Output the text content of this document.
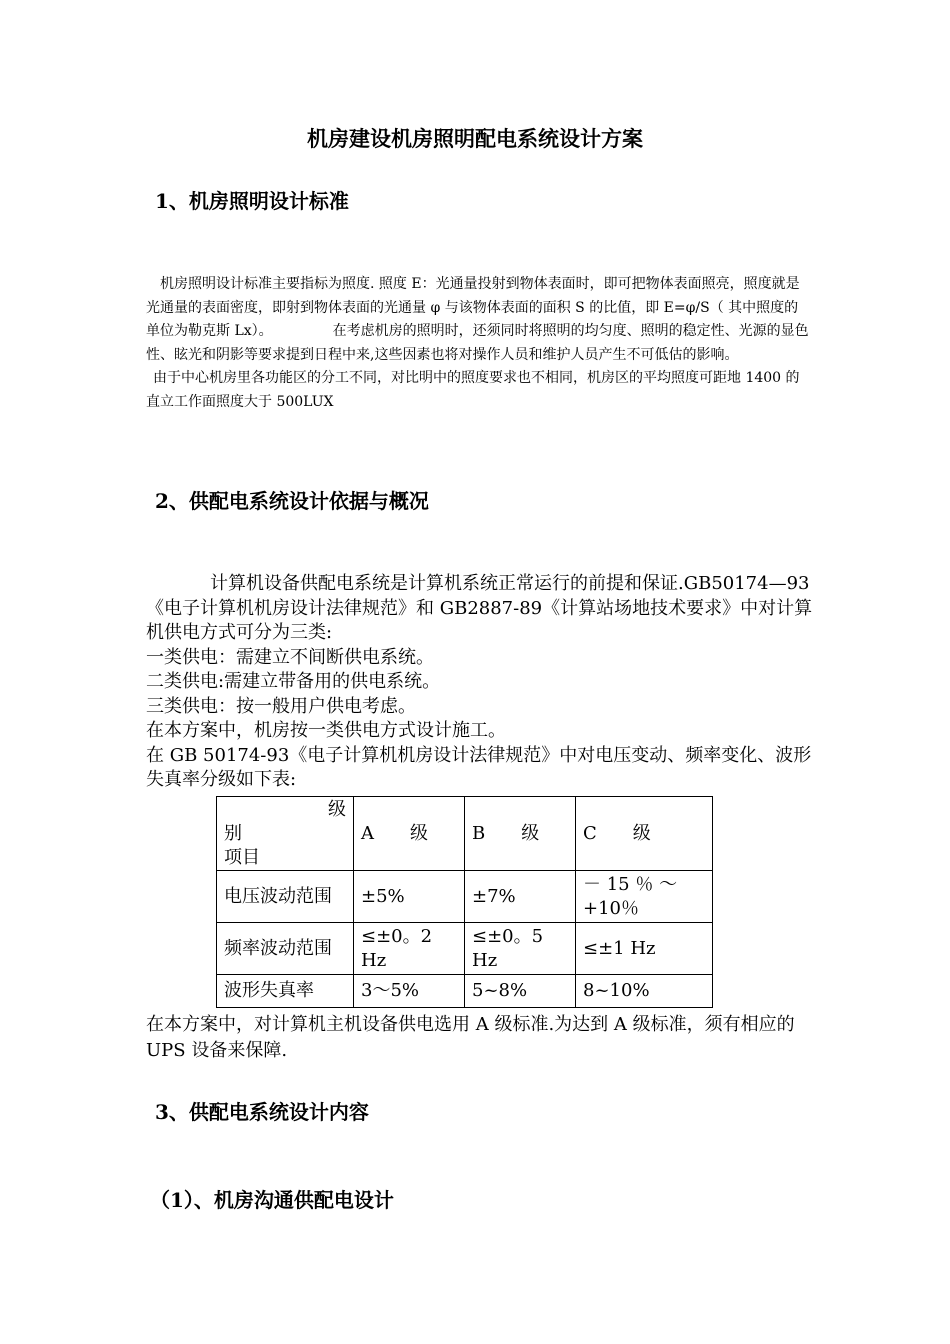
机房建设机房照明配电系统设计方案
1、机房照明设计标准

机房照明设计标准主要指标为照度. 照度 E：光通量投射到物体表面时，即可把物体表面照亮，照度就是光通量的表面密度，即射到物体表面的光通量 φ 与该物体表面的面积 S 的比值，即 E=φ/S（ 其中照度的单位为勒克斯 Lx）。	在考虑机房的照明时，还须同时将照明的均匀度、照明的稳定性、光源的显色性、眩光和阴影等要求提到日程中来,这些因素也将对操作人员和维护人员产生不可低估的影响。

由于中心机房里各功能区的分工不同，对比明中的照度要求也不相同，机房区的平均照度可距地 1400 的直立工作面照度大于 500LUX

2、供配电系统设计依据与概况

计算机设备供配电系统是计算机系统正常运行的前提和保证.GB50174—93《电子计算机机房设计法律规范》和 GB2887-89《计算站场地技术要求》中对计算机供电方式可分为三类:

一类供电：需建立不间断供电系统。

二类供电:需建立带备用的供电系统。

三类供电：按一般用户供电考虑。

在本方案中，机房按一类供电方式设计施工。

在 GB 50174-93《电子计算机机房设计法律规范》中对电压变动、频率变化、波形失真率分级如下表:

级
别
项目	A　　级	B　　级	C　　级
电压波动范围	±5%	±7%	－ 15 ％ ～ +10％
频率波动范围	≤±0。2 Hz	≤±0。5 Hz	≤±1 Hz
波形失真率	3～5%	5~8%	8~10%

在本方案中，对计算机主机设备供电选用 A 级标准.为达到 A 级标准，须有相应的UPS 设备来保障.

3、供配电系统设计内容
（1）、机房沟通供配电设计
